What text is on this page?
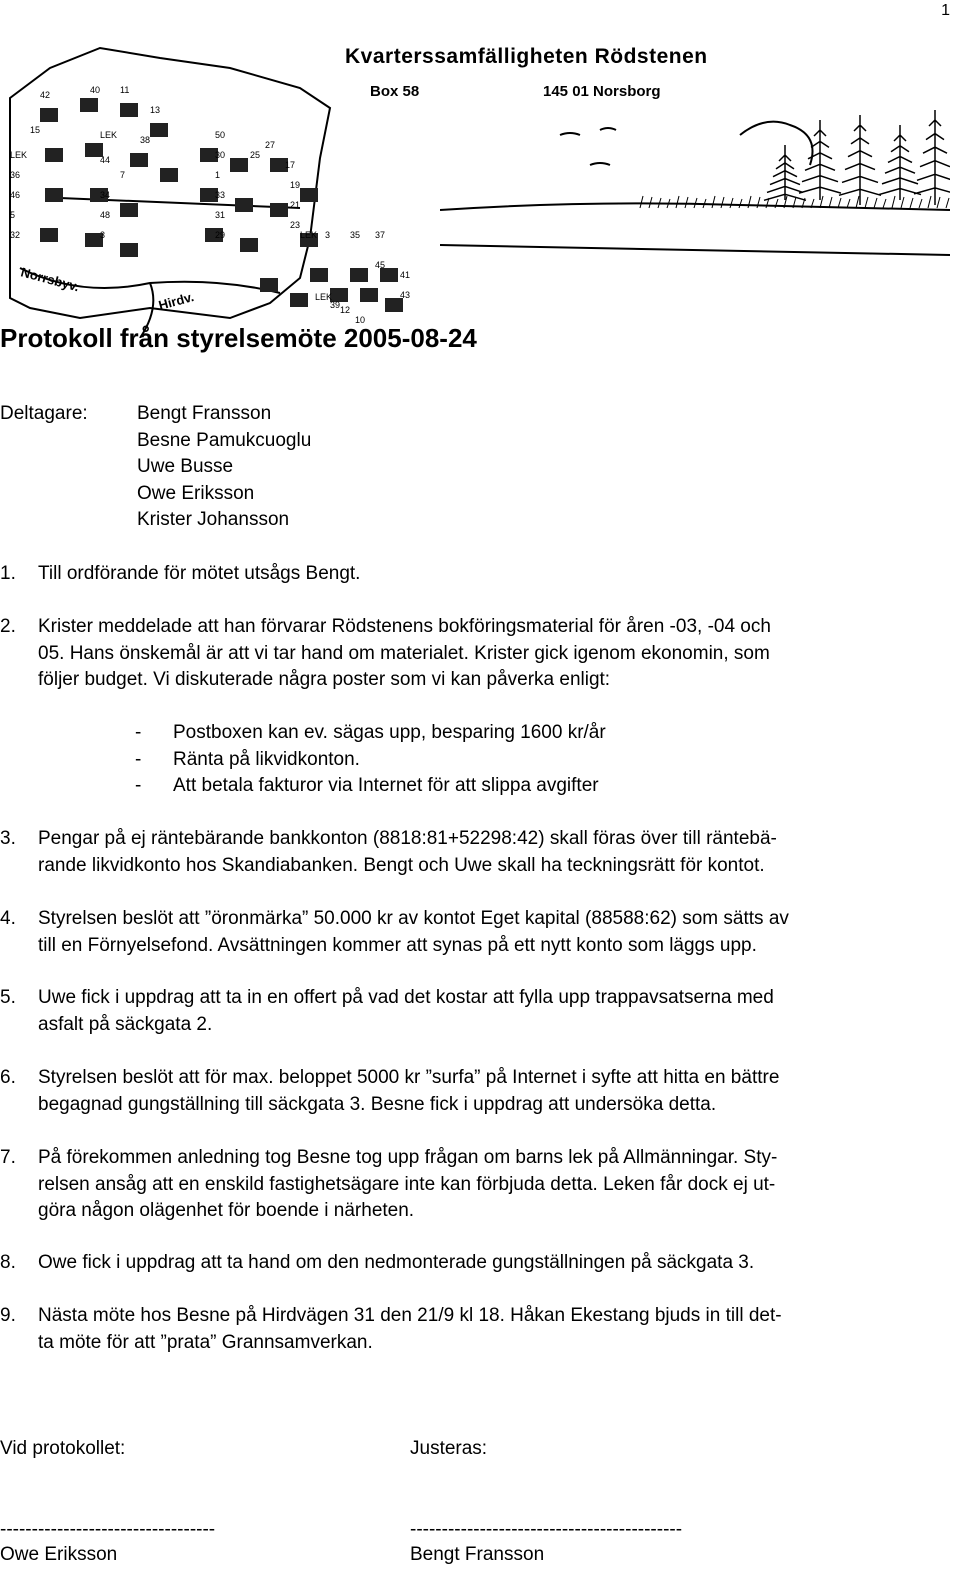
1
42	40 11
13
15	LEK	38
LEK	44
36	7
46	34
5	48
32	3
50
30
1
33
31
29
27
25
17
19
21
23
LEK 3 35 37
39
41
43
45
LEK
12
10
Norrsbyv.
Hirdv.
Kvarterssamfälligheten Rödstenen
Box 58	145 01 Norsborg
Protokoll från styrelsemöte 2005-08-24
Deltagare:	Bengt Fransson
Besne Pamukcuoglu
Uwe Busse
Owe Eriksson
Krister Johansson
1. Till ordförande för mötet utsågs Bengt.
2. Krister meddelade att han förvarar Rödstenens bokföringsmaterial för åren -03, -04 och
05. Hans önskemål är att vi tar hand om materialet. Krister gick igenom ekonomin, som
följer budget. Vi diskuterade några poster som vi kan påverka enligt:
- Postboxen kan ev. sägas upp, besparing 1600 kr/år
- Ränta på likvidkonton.
- Att betala fakturor via Internet för att slippa avgifter
3. Pengar på ej räntebärande bankkonton (8818:81+52298:42) skall föras över till räntebä-
rande likvidkonto hos Skandiabanken. Bengt och Uwe skall ha teckningsrätt för kontot.
4. Styrelsen beslöt att ”öronmärka” 50.000 kr av kontot Eget kapital (88588:62) som sätts av
till en Förnyelsefond. Avsättningen kommer att synas på ett nytt konto som läggs upp.
5. Uwe fick i uppdrag att ta in en offert på vad det kostar att fylla upp trappavsatserna med
asfalt på säckgata 2.
6. Styrelsen beslöt att för max. beloppet 5000 kr ”surfa” på Internet i syfte att hitta en bättre
begagnad gungställning till säckgata 3. Besne fick i uppdrag att undersöka detta.
7. På förekommen anledning tog Besne tog upp frågan om barns lek på Allmänningar. Sty-
relsen ansåg att en enskild fastighetsägare inte kan förbjuda detta. Leken får dock ej ut-
göra någon olägenhet för boende i närheten.
8. Owe fick i uppdrag att ta hand om den nedmonterade gungställningen på säckgata 3.
9. Nästa möte hos Besne på Hirdvägen 31 den 21/9 kl 18. Håkan Ekestang bjuds in till det-
ta möte för att ”prata” Grannsamverkan.
Vid protokollet:	Justeras:
----------------------------------	-------------------------------------------
Owe Eriksson	Bengt Fransson
